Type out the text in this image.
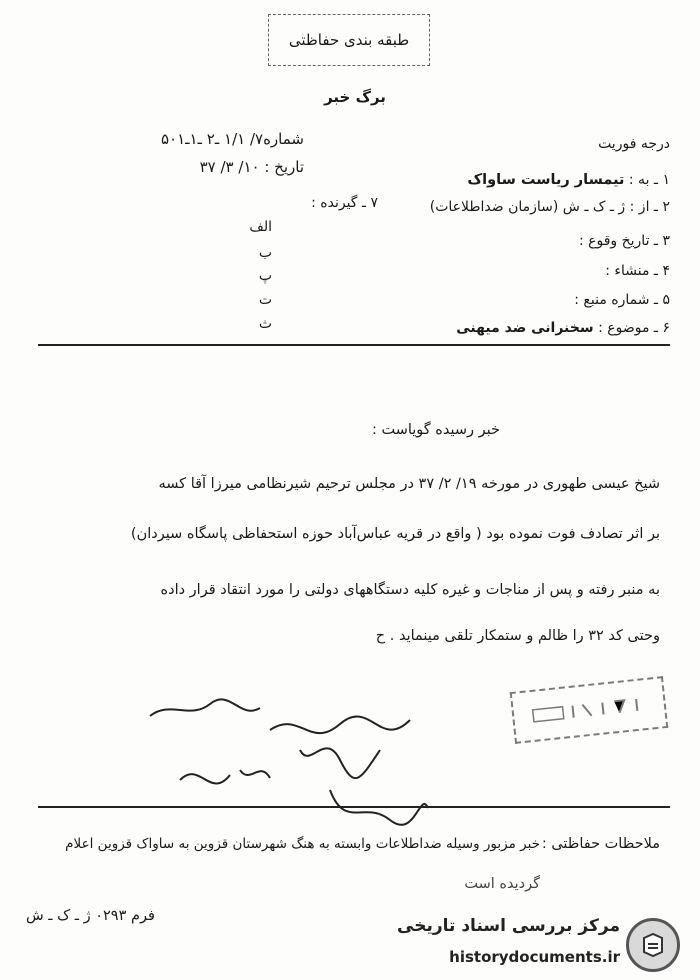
طبقه بندی حفاظتی
برگ خبر
درجه فوریت
شماره۷/ ۱/۱ ـ۲ ـ۱ـ۵۰۱
تاریخ : ۱۰/ ۳/ ۳۷
۱ ـ به : تیمسار ریاست ساواک
۲ ـ از : ژ ـ ک ـ ش (سازمان ضداطلاعات)
۳ ـ تاریخ وقوع :
۴ ـ منشاء :
۵ ـ شماره منبع :
۶ ـ موضوع : سخنرانی ضد میهنی
۷ ـ گیرنده :
الف
ب
پ
ت
ث
خبر رسیده گویاست :
شیخ عیسی طهوری در مورخه ۱۹/ ۲/ ۳۷ در مجلس ترحیم شیرنظامی میرزا آقا کسه
بر اثر تصادف فوت نموده بود ( واقع در قریه عباس‌آباد حوزه استحفاظی پاسگاه سیردان)
به منبر رفته و پس از مناجات و غیره کلیه دستگاههای دولتی را مورد انتقاد قرار داده
وحتی کد ۳۲ را ظالم و ستمکار تلقی مینماید . ح
ملاحظات حفاظتی :
خبر مزبور وسیله ضداطلاعات وابسته به هنگ شهرستان قزوین به ساواک قزوین اعلام
گردیده است
فرم ۰۲۹۳ ژ ـ ک ـ ش	مرکز بررسی اسناد تاریخی
historydocuments.ir
